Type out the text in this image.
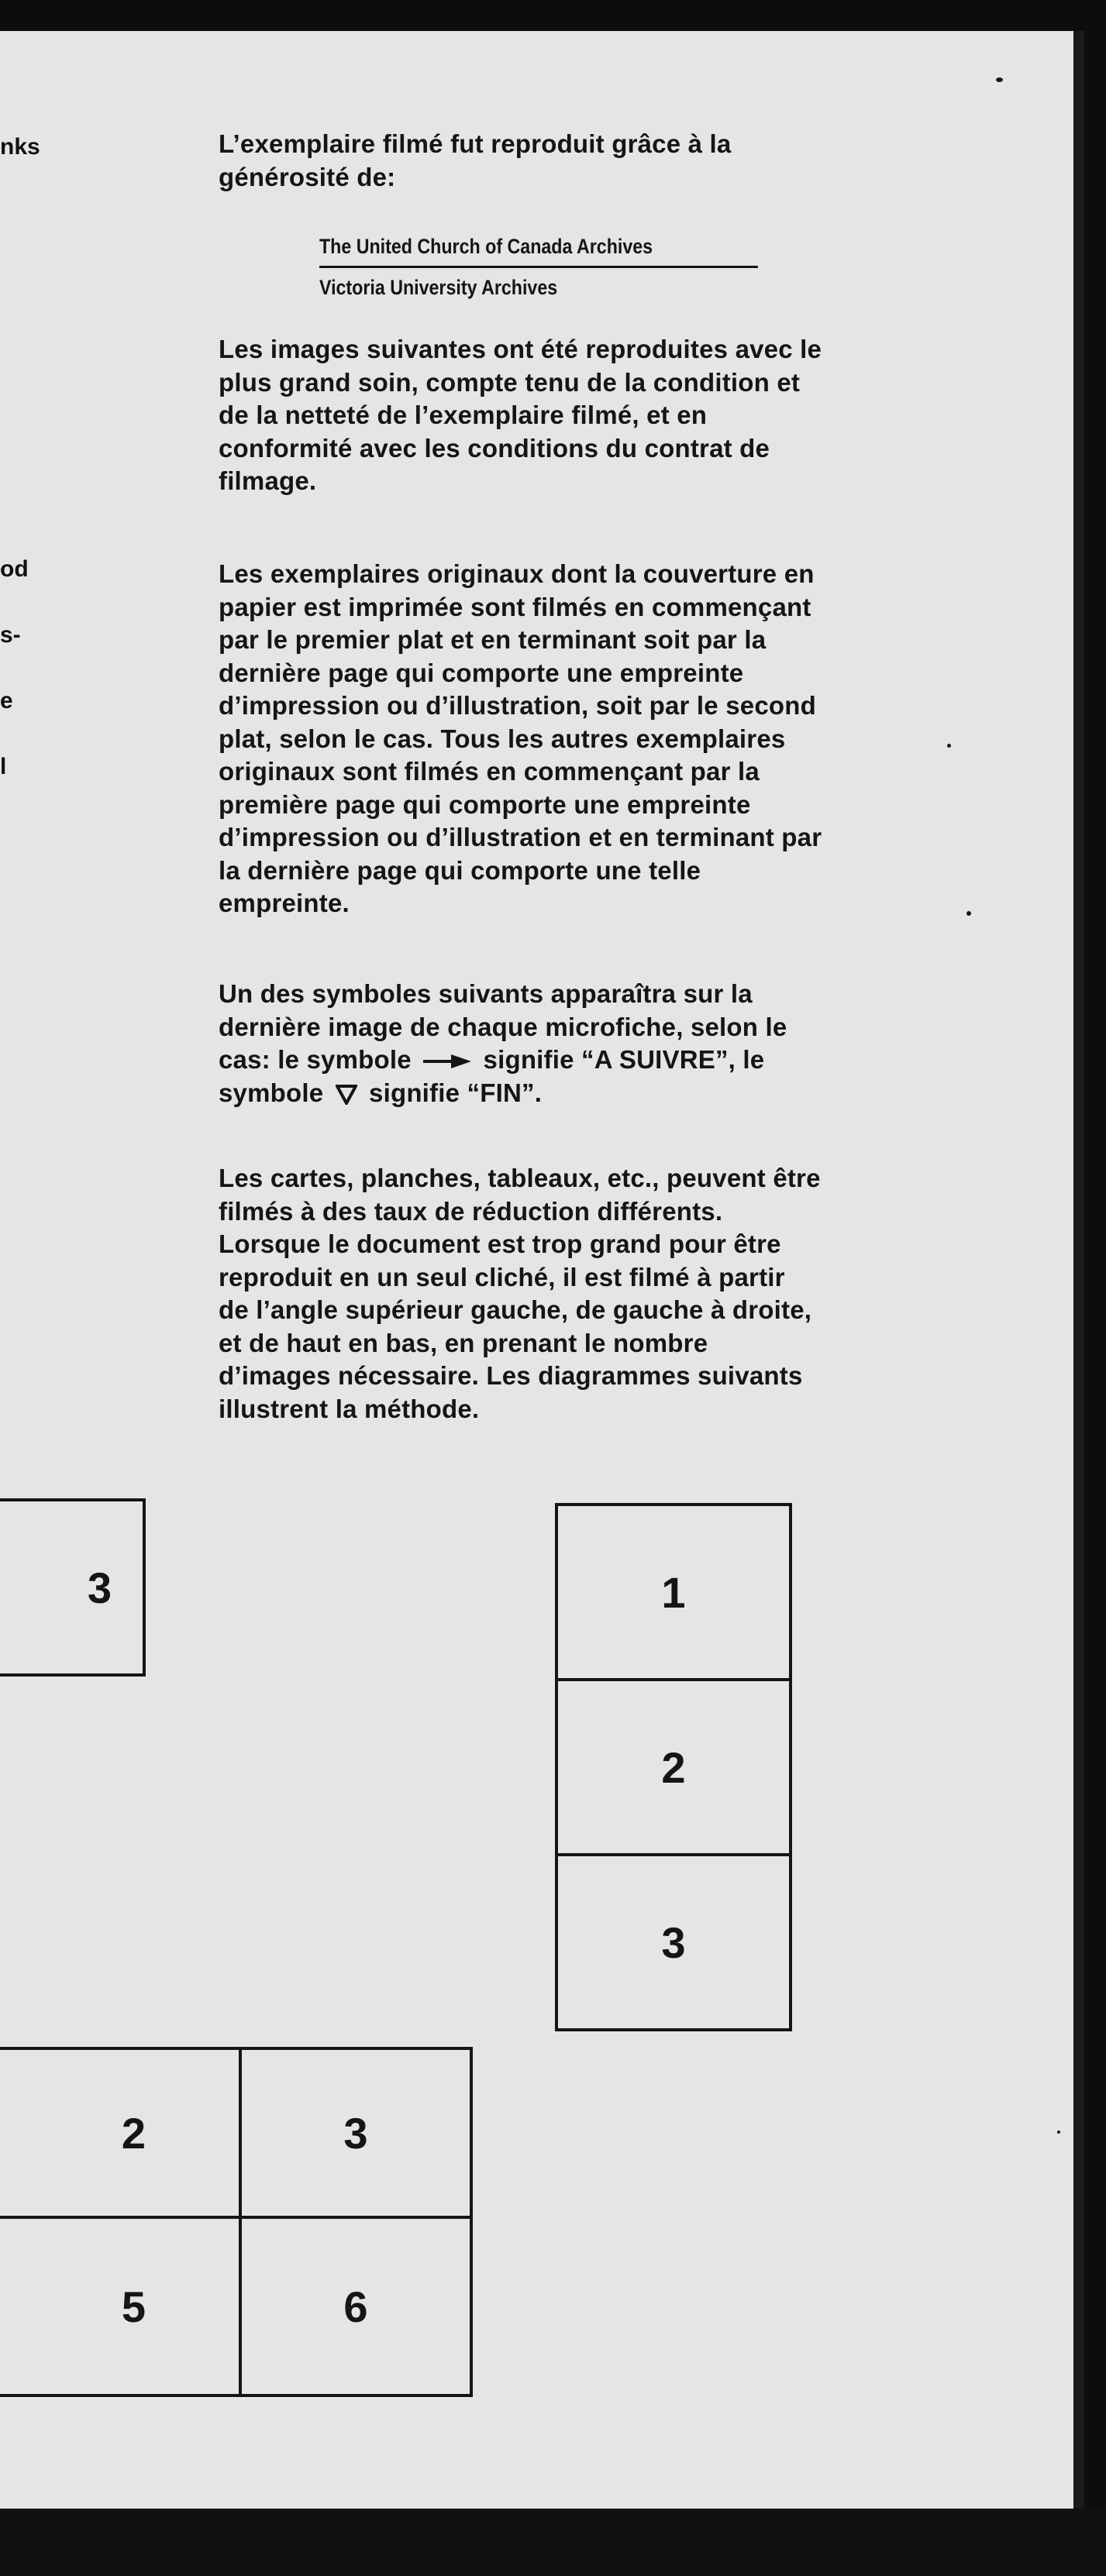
nks
od
s-
e
l
L’exemplaire filmé fut reproduit grâce à la
générosité de:
The United Church of Canada Archives
Victoria University Archives
Les images suivantes ont été reproduites avec le
plus grand soin, compte tenu de la condition et
de la netteté de l’exemplaire filmé, et en
conformité avec les conditions du contrat de
filmage.
Les exemplaires originaux dont la couverture en
papier est imprimée sont filmés en commençant
par le premier plat et en terminant soit par la
dernière page qui comporte une empreinte
d’impression ou d’illustration, soit par le second
plat, selon le cas. Tous les autres exemplaires
originaux sont filmés en commençant par la
première page qui comporte une empreinte
d’impression ou d’illustration et en terminant par
la dernière page qui comporte une telle
empreinte.
Un des symboles suivants apparaîtra sur la
dernière image de chaque microfiche, selon le
cas: le symbole	signifie “A SUIVRE”, le
symbole signifie “FIN”.
Les cartes, planches, tableaux, etc., peuvent être
filmés à des taux de réduction différents.
Lorsque le document est trop grand pour être
reproduit en un seul cliché, il est filmé à partir
de l’angle supérieur gauche, de gauche à droite,
et de haut en bas, en prenant le nombre
d’images nécessaire. Les diagrammes suivants
illustrent la méthode.
3	1
2
3
2	3
5	6
